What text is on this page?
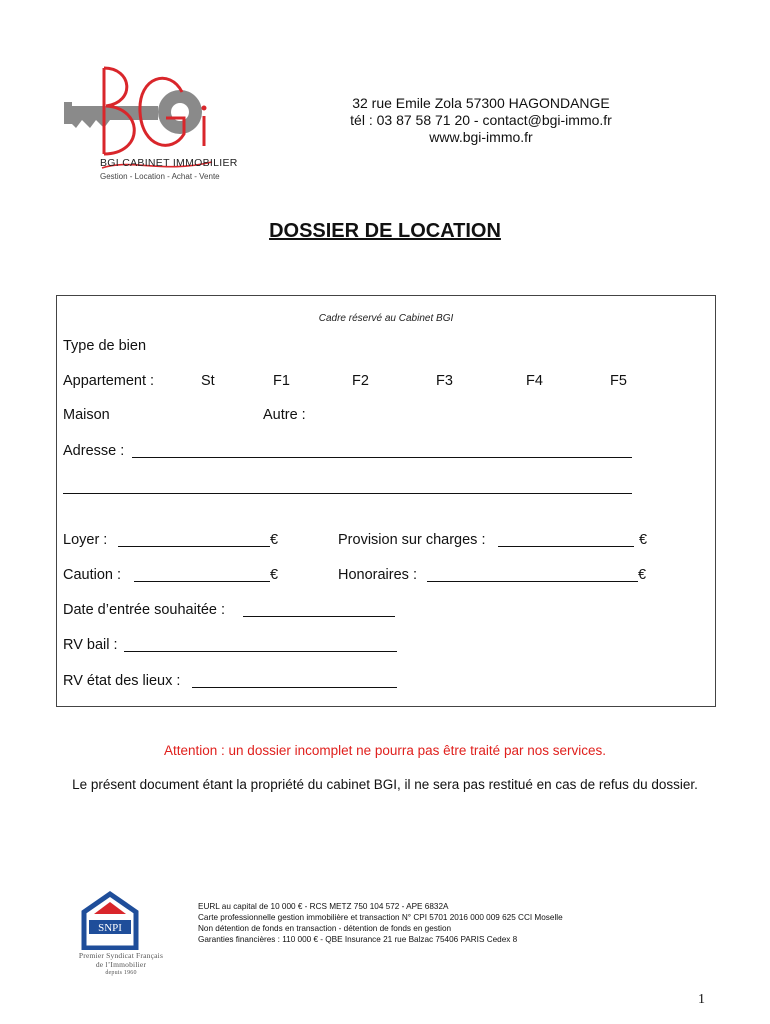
BGI CABINET IMMOBILIER
Gestion - Location - Achat - Vente
32 rue Emile Zola 57300 HAGONDANGE
tél : 03 87 58 71 20 - contact@bgi-immo.fr
www.bgi-immo.fr
DOSSIER DE LOCATION
Cadre réservé au Cabinet BGI
Type de bien
Appartement :	St	F1	F2	F3	F4	F5
Maison	Autre :
Adresse :
Loyer :	€	Provision sur charges :	€
Caution :	€	Honoraires :	€
Date d’entrée souhaitée :
RV bail :
RV état des lieux :
Attention : un dossier incomplet ne pourra pas être traité par nos services.
Le présent document étant la propriété du cabinet BGI, il ne sera pas restitué en cas de refus du dossier.
SNPI
Premier Syndicat Français
de l’Immobilier
depuis 1960
EURL au capital de 10 000 € - RCS METZ 750 104 572 - APE 6832A
Carte professionnelle gestion immobilière et transaction N° CPI 5701 2016 000 009 625 CCI Moselle
Non détention de fonds en transaction - détention de fonds en gestion
Garanties financières : 110 000 € - QBE Insurance 21 rue Balzac 75406 PARIS Cedex 8
1
